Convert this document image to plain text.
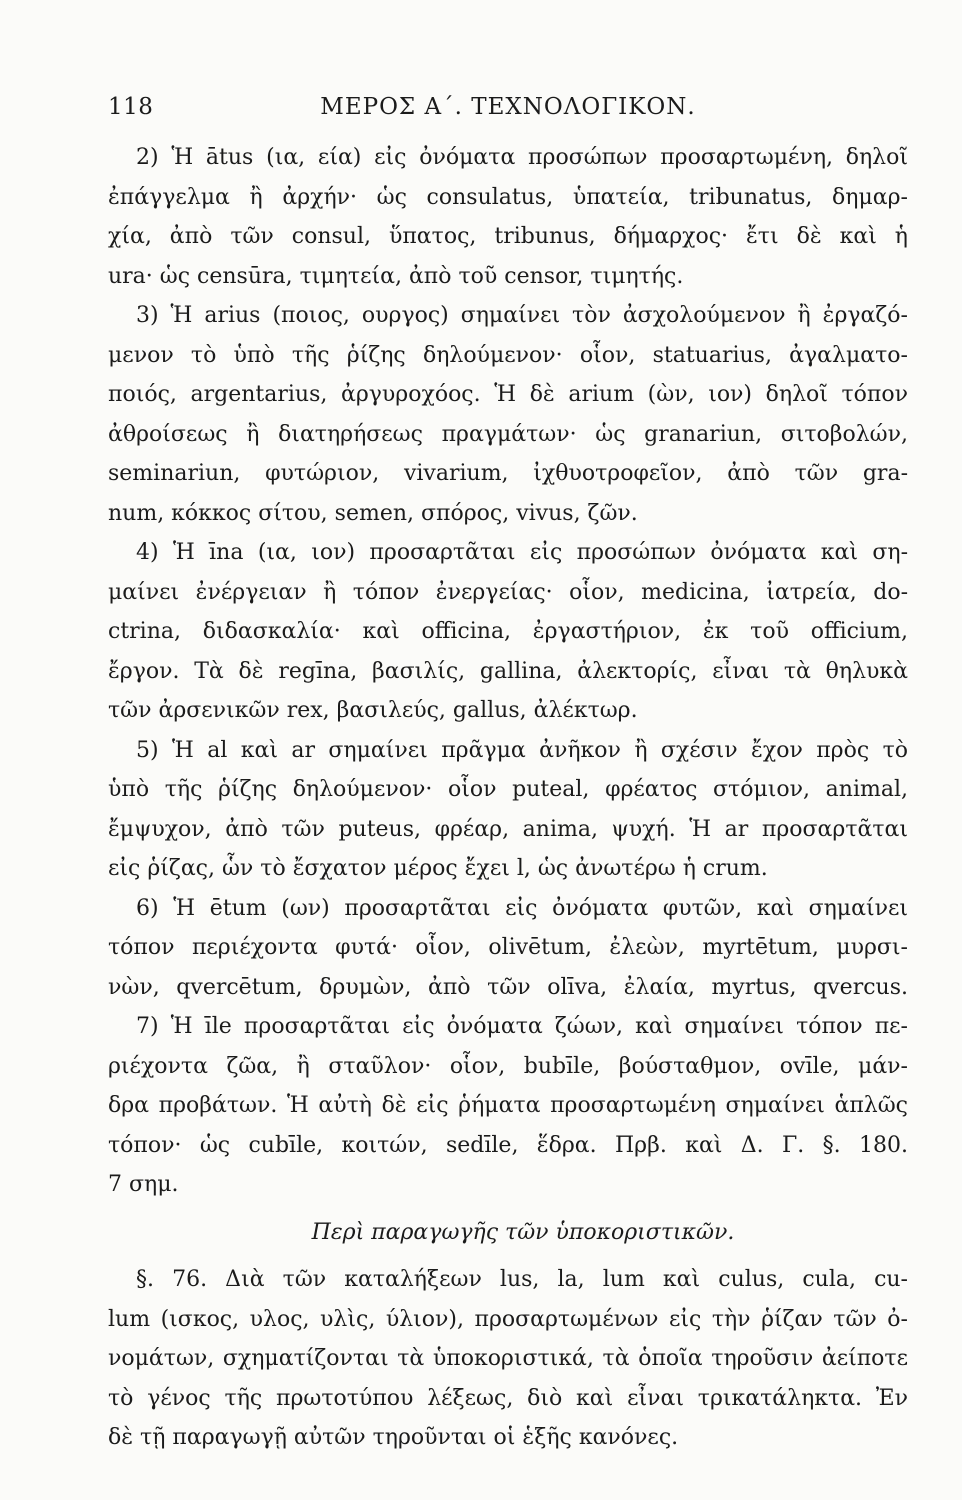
118	ΜΕΡΟΣ Α΄. ΤΕΧΝΟΛΟΓΙΚΟΝ.
2) Ἡ ātus (ια, εία) εἰς ὀνόματα προσώπων προσαρτωμένη, δηλοῖ
ἐπάγγελμα ἢ ἀρχήν· ὡς consulatus, ὑπατεία, tribunatus, δημαρ-
χία, ἀπὸ τῶν consul, ὕπατος, tribunus, δήμαρχος· ἔτι δὲ καὶ ἡ
ura· ὡς censūra, τιμητεία, ἀπὸ τοῦ censor, τιμητής.
3) Ἡ arius (ποιος, ουργος) σημαίνει τὸν ἀσχολούμενον ἢ ἐργαζό-
μενον τὸ ὑπὸ τῆς ῥίζης δηλούμενον· οἷον, statuarius, ἀγαλματο-
ποιός, argentarius, ἀργυροχόος. Ἡ δὲ arium (ὼν, ιον) δηλοῖ τόπον
ἀθροίσεως ἢ διατηρήσεως πραγμάτων· ὡς granariun, σιτοβολών,
seminariun, φυτώριον, vivarium, ἰχθυοτροφεῖον, ἀπὸ τῶν gra-
num, κόκκος σίτου, semen, σπόρος, vivus, ζῶν.
4) Ἡ īna (ια, ιον) προσαρτᾶται εἰς προσώπων ὀνόματα καὶ ση-
μαίνει ἐνέργειαν ἢ τόπον ἐνεργείας· οἷον, medicina, ἰατρεία, do-
ctrina, διδασκαλία· καὶ officina, ἐργαστήριον, ἐκ τοῦ officium,
ἔργον. Τὰ δὲ regīna, βασιλίς, gallina, ἀλεκτορίς, εἶναι τὰ θηλυκὰ
τῶν ἀρσενικῶν rex, βασιλεύς, gallus, ἀλέκτωρ.
5) Ἡ al καὶ ar σημαίνει πρᾶγμα ἀνῆκον ἢ σχέσιν ἔχον πρὸς τὸ
ὑπὸ τῆς ῥίζης δηλούμενον· οἷον puteal, φρέατος στόμιον, animal,
ἔμψυχον, ἀπὸ τῶν puteus, φρέαρ, anima, ψυχή. Ἡ ar προσαρτᾶται
εἰς ῥίζας, ὧν τὸ ἔσχατον μέρος ἔχει l, ὡς ἀνωτέρω ἡ crum.
6) Ἡ ētum (ων) προσαρτᾶται εἰς ὀνόματα φυτῶν, καὶ σημαίνει
τόπον περιέχοντα φυτά· οἷον, olivētum, ἐλεὼν, myrtētum, μυρσι-
νὼν, qvercētum, δρυμὼν, ἀπὸ τῶν olīva, ἐλαία, myrtus, qvercus.
7) Ἡ īle προσαρτᾶται εἰς ὀνόματα ζώων, καὶ σημαίνει τόπον πε-
ριέχοντα ζῶα, ἢ σταῦλον· οἷον, bubīle, βούσταθμον, ovīle, μάν-
δρα προβάτων. Ἡ αὐτὴ δὲ εἰς ῥήματα προσαρτωμένη σημαίνει ἁπλῶς
τόπον· ὡς cubīle, κοιτών, sedīle, ἕδρα. Πρβ. καὶ Δ. Γ. §. 180.
7 σημ.
Περὶ παραγωγῆς τῶν ὑποκοριστικῶν.
§. 76. Διὰ τῶν καταλήξεων lus, la, lum καὶ culus, cula, cu-
lum (ισκος, υλος, υλὶς, ύλιον), προσαρτωμένων εἰς τὴν ῥίζαν τῶν ὀ-
νομάτων, σχηματίζονται τὰ ὑποκοριστικά, τὰ ὁποῖα τηροῦσιν ἀείποτε
τὸ γένος τῆς πρωτοτύπου λέξεως, διὸ καὶ εἶναι τρικατάληκτα. Ἐν
δὲ τῇ παραγωγῇ αὐτῶν τηροῦνται οἱ ἑξῆς κανόνες.
